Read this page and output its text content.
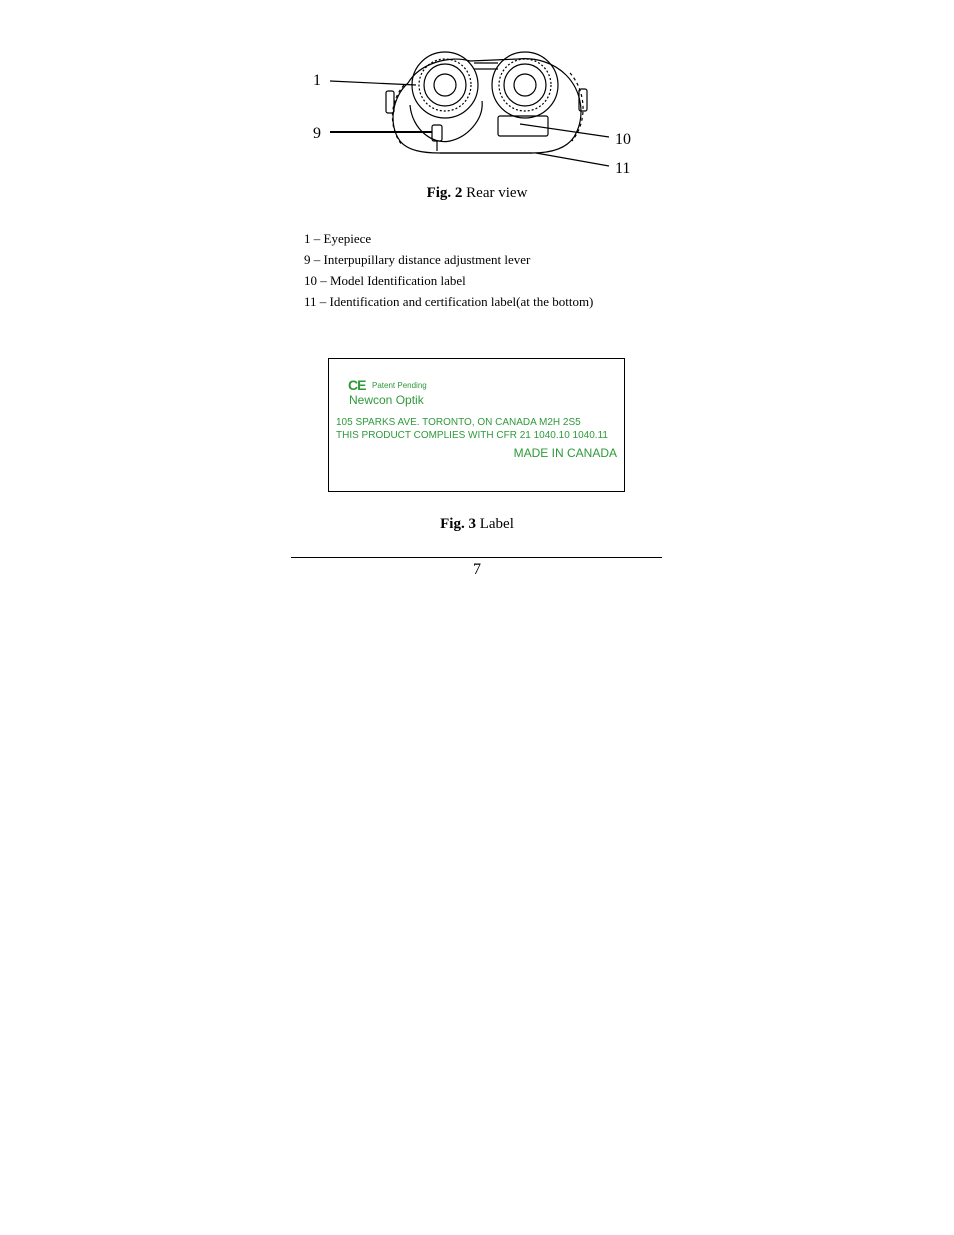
1
9	10
11
Fig. 2 Rear view
1 – Eyepiece
9 – Interpupillary distance adjustment lever
10 – Model Identification label
11 – Identification and certification label(at the bottom)
CE Patent Pending
Newcon Optik
105 SPARKS AVE. TORONTO, ON CANADA M2H 2S5
THIS PRODUCT COMPLIES WITH CFR 21 1040.10 1040.11
MADE IN CANADA
Fig. 3 Label
7
